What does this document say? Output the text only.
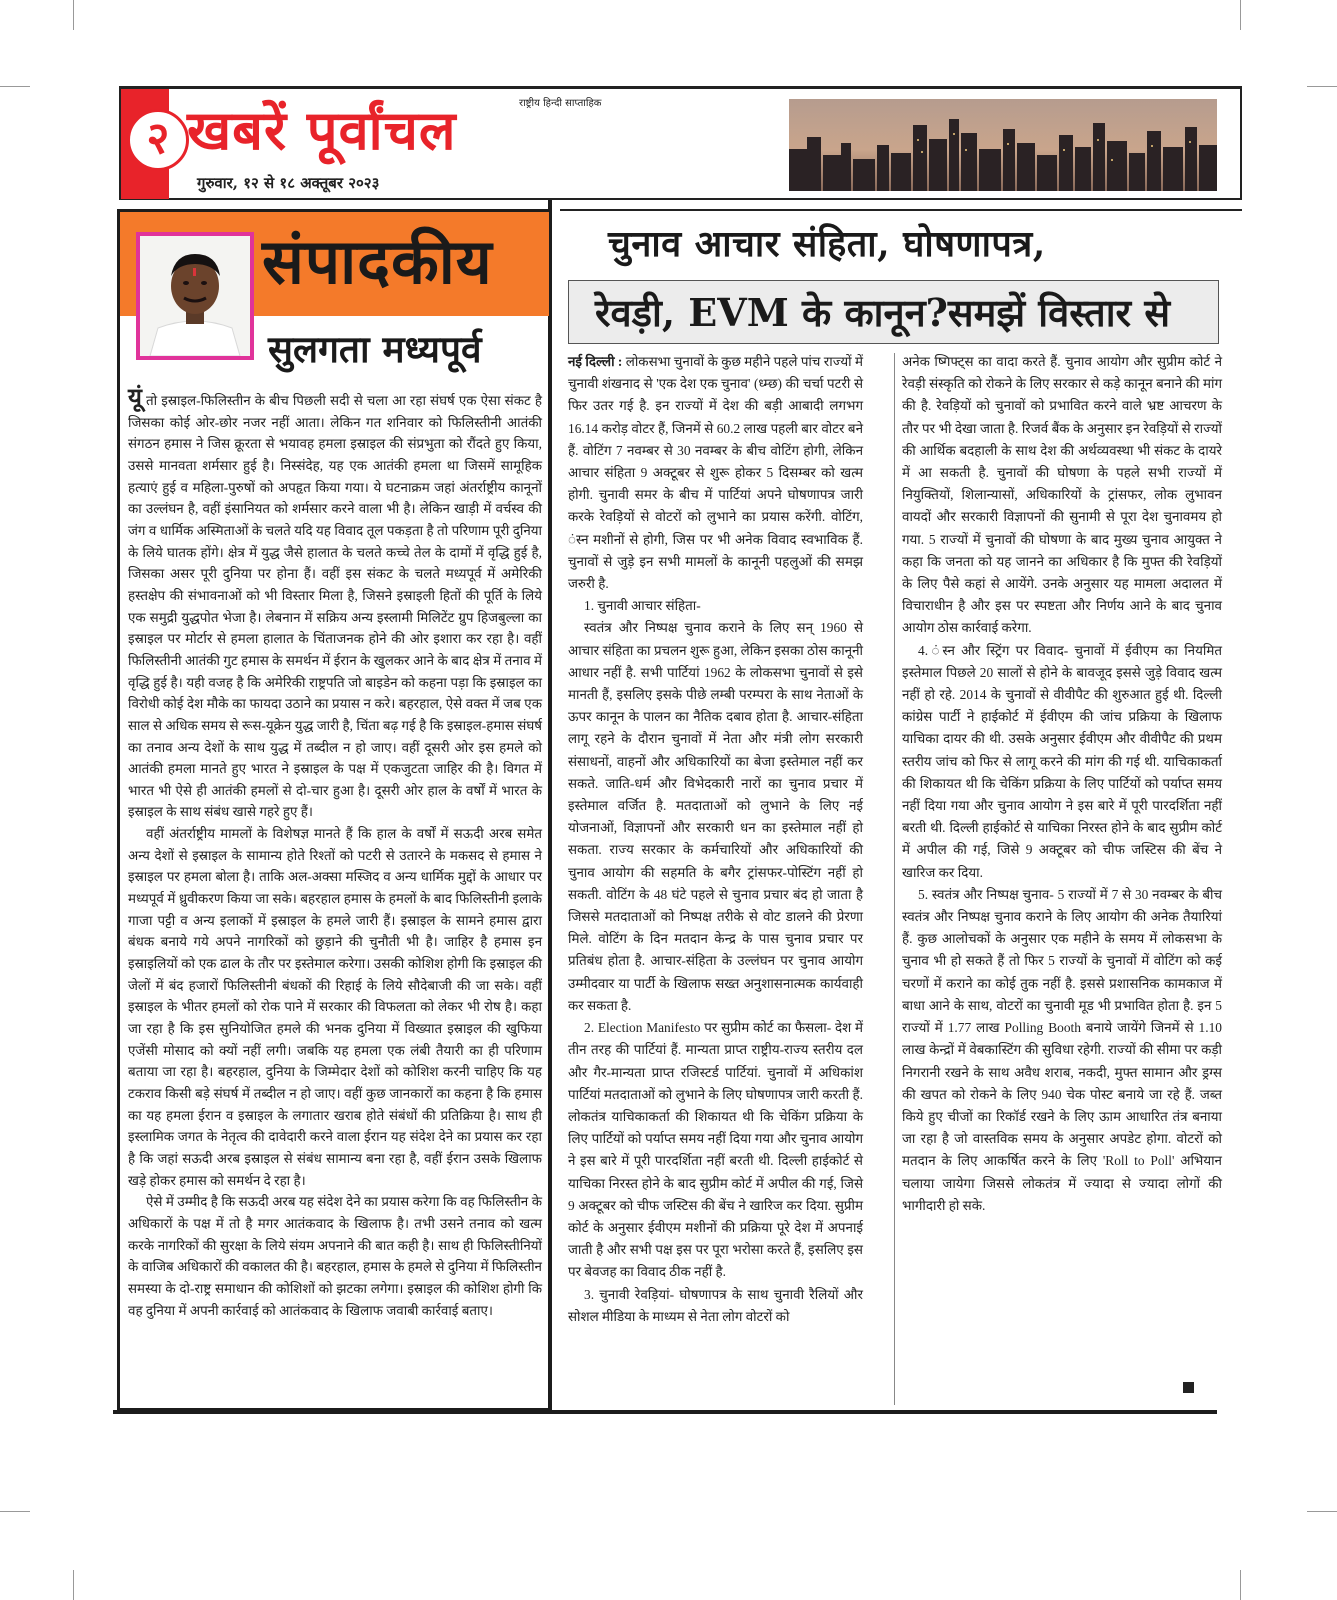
२ खबरें पूर्वांचल	राष्ट्रीय हिन्दी साप्ताहिक
गुरुवार, १२ से १८ अक्तूबर २०२३
संपादकीय
सुलगता मध्यपूर्व

यूं तो इस्राइल-फिलिस्तीन के बीच पिछली सदी से चला आ रहा संघर्ष एक ऐसा संकट है जिसका कोई ओर-छोर नजर नहीं आता। लेकिन गत शनिवार को फिलिस्तीनी आतंकी संगठन हमास ने जिस क्रूरता से भयावह हमला इस्राइल की संप्रभुता को रौंदते हुए किया, उससे मानवता शर्मसार हुई है। निस्संदेह, यह एक आतंकी हमला था जिसमें सामूहिक हत्याएं हुई व महिला-पुरुषों को अपहृत किया गया। ये घटनाक्रम जहां अंतर्राष्ट्रीय कानूनों का उल्लंघन है, वहीं इंसानियत को शर्मसार करने वाला भी है। लेकिन खाड़ी में वर्चस्व की जंग व धार्मिक अस्मिताओं के चलते यदि यह विवाद तूल पकड़ता है तो परिणाम पूरी दुनिया के लिये घातक होंगे। क्षेत्र में युद्ध जैसे हालात के चलते कच्चे तेल के दामों में वृद्धि हुई है, जिसका असर पूरी दुनिया पर होना हैं। वहीं इस संकट के चलते मध्यपूर्व में अमेरिकी हस्तक्षेप की संभावनाओं को भी विस्तार मिला है, जिसने इस्राइली हितों की पूर्ति के लिये एक समुद्री युद्धपोत भेजा है। लेबनान में सक्रिय अन्य इस्लामी मिलिटेंट ग्रुप हिजबुल्ला का इस्राइल पर मोर्टार से हमला हालात के चिंताजनक होने की ओर इशारा कर रहा है। वहीं फिलिस्तीनी आतंकी गुट हमास के समर्थन में ईरान के खुलकर आने के बाद क्षेत्र में तनाव में वृद्धि हुई है। यही वजह है कि अमेरिकी राष्ट्रपति जो बाइडेन को कहना पड़ा कि इस्राइल का विरोधी कोई देश मौके का फायदा उठाने का प्रयास न करे। बहरहाल, ऐसे वक्त में जब एक साल से अधिक समय से रूस-यूक्रेन युद्ध जारी है, चिंता बढ़ गई है कि इस्राइल-हमास संघर्ष का तनाव अन्य देशों के साथ युद्ध में तब्दील न हो जाए। वहीं दूसरी ओर इस हमले को आतंकी हमला मानते हुए भारत ने इस्राइल के पक्ष में एकजुटता जाहिर की है। विगत में भारत भी ऐसे ही आतंकी हमलों से दो-चार हुआ है। दूसरी ओर हाल के वर्षों में भारत के इस्राइल के साथ संबंध खासे गहरे हुए हैं।

वहीं अंतर्राष्ट्रीय मामलों के विशेषज्ञ मानते हैं कि हाल के वर्षों में सऊदी अरब समेत अन्य देशों से इस्राइल के सामान्य होते रिश्तों को पटरी से उतारने के मकसद से हमास ने इस्राइल पर हमला बोला है। ताकि अल-अक्सा मस्जिद व अन्य धार्मिक मुद्दों के आधार पर मध्यपूर्व में ध्रुवीकरण किया जा सके। बहरहाल हमास के हमलों के बाद फिलिस्तीनी इलाके गाजा पट्टी व अन्य इलाकों में इस्राइल के हमले जारी हैं। इस्राइल के सामने हमास द्वारा बंधक बनाये गये अपने नागरिकों को छुड़ाने की चुनौती भी है। जाहिर है हमास इन इस्राइलियों को एक ढाल के तौर पर इस्तेमाल करेगा। उसकी कोशिश होगी कि इस्राइल की जेलों में बंद हजारों फिलिस्तीनी बंधकों की रिहाई के लिये सौदेबाजी की जा सके। वहीं इस्राइल के भीतर हमलों को रोक पाने में सरकार की विफलता को लेकर भी रोष है। कहा जा रहा है कि इस सुनियोजित हमले की भनक दुनिया में विख्यात इस्राइल की खुफिया एजेंसी मोसाद को क्यों नहीं लगी। जबकि यह हमला एक लंबी तैयारी का ही परिणाम बताया जा रहा है। बहरहाल, दुनिया के जिम्मेदार देशों को कोशिश करनी चाहिए कि यह टकराव किसी बड़े संघर्ष में तब्दील न हो जाए। वहीं कुछ जानकारों का कहना है कि हमास का यह हमला ईरान व इस्राइल के लगातार खराब होते संबंधों की प्रतिक्रिया है। साथ ही इस्लामिक जगत के नेतृत्व की दावेदारी करने वाला ईरान यह संदेश देने का प्रयास कर रहा है कि जहां सऊदी अरब इस्राइल से संबंध सामान्य बना रहा है, वहीं ईरान उसके खिलाफ खड़े होकर हमास को समर्थन दे रहा है।

ऐसे में उम्मीद है कि सऊदी अरब यह संदेश देने का प्रयास करेगा कि वह फिलिस्तीन के अधिकारों के पक्ष में तो है मगर आतंकवाद के खिलाफ है। तभी उसने तनाव को खत्म करके नागरिकों की सुरक्षा के लिये संयम अपनाने की बात कही है। साथ ही फिलिस्तीनियों के वाजिब अधिकारों की वकालत की है। बहरहाल, हमास के हमले से दुनिया में फिलिस्तीन समस्या के दो-राष्ट्र समाधान की कोशिशों को झटका लगेगा। इस्राइल की कोशिश होगी कि वह दुनिया में अपनी कार्रवाई को आतंकवाद के खिलाफ जवाबी कार्रवाई बताए।

चुनाव आचार संहिता, घोषणापत्र,
रेवड़ी, EVM के कानून?समझें विस्तार से

नई दिल्ली : लोकसभा चुनावों के कुछ महीने पहले पांच राज्यों में चुनावी शंखनाद से 'एक देश एक चुनाव' (ध्म्छ) की चर्चा पटरी से फिर उतर गई है. इन राज्यों में देश की बड़ी आबादी लगभग 16.14 करोड़ वोटर हैं, जिनमें से 60.2 लाख पहली बार वोटर बने हैं. वोटिंग 7 नवम्बर से 30 नवम्बर के बीच वोटिंग होगी, लेकिन आचार संहिता 9 अक्टूबर से शुरू होकर 5 दिसम्बर को खत्म होगी. चुनावी समर के बीच में पार्टियां अपने घोषणापत्र जारी करके रेवड़ियों से वोटरों को लुभाने का प्रयास करेंगी. वोटिंग, ंस्न मशीनों से होगी, जिस पर भी अनेक विवाद स्वभाविक हैं. चुनावों से जुड़े इन सभी मामलों के कानूनी पहलुओं की समझ जरुरी है.

1. चुनावी आचार संहिता-

स्वतंत्र और निष्पक्ष चुनाव कराने के लिए सन् 1960 से आचार संहिता का प्रचलन शुरू हुआ, लेकिन इसका ठोस कानूनी आधार नहीं है. सभी पार्टियां 1962 के लोकसभा चुनावों से इसे मानती हैं, इसलिए इसके पीछे लम्बी परम्परा के साथ नेताओं के ऊपर कानून के पालन का नैतिक दबाव होता है. आचार-संहिता लागू रहने के दौरान चुनावों में नेता और मंत्री लोग सरकारी संसाधनों, वाहनों और अधिकारियों का बेजा इस्तेमाल नहीं कर सकते. जाति-धर्म और विभेदकारी नारों का चुनाव प्रचार में इस्तेमाल वर्जित है. मतदाताओं को लुभाने के लिए नई योजनाओं, विज्ञापनों और सरकारी धन का इस्तेमाल नहीं हो सकता. राज्य सरकार के कर्मचारियों और अधिकारियों की चुनाव आयोग की सहमति के बगैर ट्रांसफर-पोस्टिंग नहीं हो सकती. वोटिंग के 48 घंटे पहले से चुनाव प्रचार बंद हो जाता है जिससे मतदाताओं को निष्पक्ष तरीके से वोट डालने की प्रेरणा मिले. वोटिंग के दिन मतदान केन्द्र के पास चुनाव प्रचार पर प्रतिबंध होता है. आचार-संहिता के उल्लंघन पर चुनाव आयोग उम्मीदवार या पार्टी के खिलाफ सख्त अनुशासनात्मक कार्यवाही कर सकता है.

2. Election Manifesto पर सुप्रीम कोर्ट का फैसला- देश में तीन तरह की पार्टियां हैं. मान्यता प्राप्त राष्ट्रीय-राज्य स्तरीय दल और गैर-मान्यता प्राप्त रजिस्टर्ड पार्टियां. चुनावों में अधिकांश पार्टियां मतदाताओं को लुभाने के लिए घोषणापत्र जारी करती हैं. लोकतंत्र याचिकाकर्ता की शिकायत थी कि चेकिंग प्रक्रिया के लिए पार्टियों को पर्याप्त समय नहीं दिया गया और चुनाव आयोग ने इस बारे में पूरी पारदर्शिता नहीं बरती थी. दिल्ली हाईकोर्ट से याचिका निरस्त होने के बाद सुप्रीम कोर्ट में अपील की गई, जिसे 9 अक्टूबर को चीफ जस्टिस की बेंच ने खारिज कर दिया. सुप्रीम कोर्ट के अनुसार ईवीएम मशीनों की प्रक्रिया पूरे देश में अपनाई जाती है और सभी पक्ष इस पर पूरा भरोसा करते हैं, इसलिए इस पर बेवजह का विवाद ठीक नहीं है.

3. चुनावी रेवड़ियां- घोषणापत्र के साथ चुनावी रैलियों और सोशल मीडिया के माध्यम से नेता लोग वोटरों को

अनेक ष्गिफ्ट्स का वादा करते हैं. चुनाव आयोग और सुप्रीम कोर्ट ने रेवड़ी संस्कृति को रोकने के लिए सरकार से कड़े कानून बनाने की मांग की है. रेवड़ियों को चुनावों को प्रभावित करने वाले भ्रष्ट आचरण के तौर पर भी देखा जाता है. रिजर्व बैंक के अनुसार इन रेवड़ियों से राज्यों की आर्थिक बदहाली के साथ देश की अर्थव्यवस्था भी संकट के दायरे में आ सकती है. चुनावों की घोषणा के पहले सभी राज्यों में नियुक्तियों, शिलान्यासों, अधिकारियों के ट्रांसफर, लोक लुभावन वायदों और सरकारी विज्ञापनों की सुनामी से पूरा देश चुनावमय हो गया. 5 राज्यों में चुनावों की घोषणा के बाद मुख्य चुनाव आयुक्त ने कहा कि जनता को यह जानने का अधिकार है कि मुफ्त की रेवड़ियों के लिए पैसे कहां से आयेंगे. उनके अनुसार यह मामला अदालत में विचाराधीन है और इस पर स्पष्टता और निर्णय आने के बाद चुनाव आयोग ठोस कार्रवाई करेगा.

4. ंस्न और स्ट्रिंग पर विवाद- चुनावों में ईवीएम का नियमित इस्तेमाल पिछले 20 सालों से होने के बावजूद इससे जुड़े विवाद खत्म नहीं हो रहे. 2014 के चुनावों से वीवीपैट की शुरुआत हुई थी. दिल्ली कांग्रेस पार्टी ने हाईकोर्ट में ईवीएम की जांच प्रक्रिया के खिलाफ याचिका दायर की थी. उसके अनुसार ईवीएम और वीवीपैट की प्रथम स्तरीय जांच को फिर से लागू करने की मांग की गई थी. याचिकाकर्ता की शिकायत थी कि चेकिंग प्रक्रिया के लिए पार्टियों को पर्याप्त समय नहीं दिया गया और चुनाव आयोग ने इस बारे में पूरी पारदर्शिता नहीं बरती थी. दिल्ली हाईकोर्ट से याचिका निरस्त होने के बाद सुप्रीम कोर्ट में अपील की गई, जिसे 9 अक्टूबर को चीफ जस्टिस की बेंच ने खारिज कर दिया.

5. स्वतंत्र और निष्पक्ष चुनाव- 5 राज्यों में 7 से 30 नवम्बर के बीच स्वतंत्र और निष्पक्ष चुनाव कराने के लिए आयोग की अनेक तैयारियां हैं. कुछ आलोचकों के अनुसार एक महीने के समय में लोकसभा के चुनाव भी हो सकते हैं तो फिर 5 राज्यों के चुनावों में वोटिंग को कई चरणों में कराने का कोई तुक नहीं है. इससे प्रशासनिक कामकाज में बाधा आने के साथ, वोटरों का चुनावी मूड भी प्रभावित होता है. इन 5 राज्यों में 1.77 लाख Polling Booth बनाये जायेंगे जिनमें से 1.10 लाख केन्द्रों में वेबकास्टिंग की सुविधा रहेगी. राज्यों की सीमा पर कड़ी निगरानी रखने के साथ अवैध शराब, नकदी, मुफ्त सामान और ड्रग्स की खपत को रोकने के लिए 940 चेक पोस्ट बनाये जा रहे हैं. जब्त किये हुए चीजों का रिकॉर्ड रखने के लिए ऊाम आधारित तंत्र बनाया जा रहा है जो वास्तविक समय के अनुसार अपडेट होगा. वोटरों को मतदान के लिए आकर्षित करने के लिए 'Roll to Poll' अभियान चलाया जायेगा जिससे लोकतंत्र में ज्यादा से ज्यादा लोगों की भागीदारी हो सके.
